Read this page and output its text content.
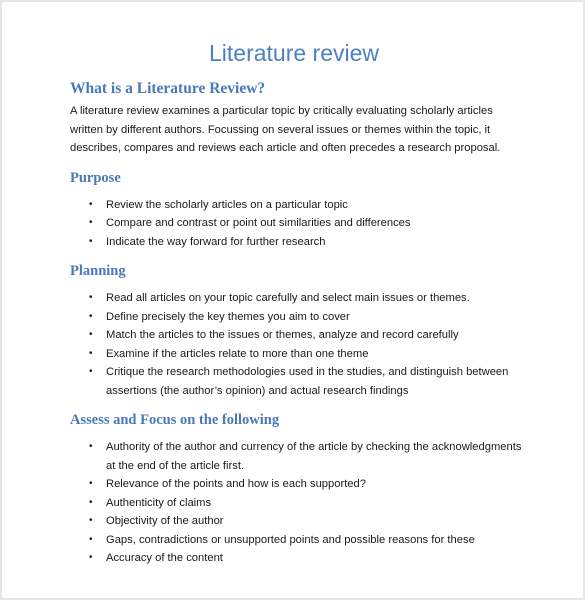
Literature review
What is a Literature Review?

A literature review examines a particular topic by critically evaluating scholarly articles
written by different authors. Focussing on several issues or themes within the topic, it
describes, compares and reviews each article and often precedes a research proposal.

Purpose
• Review the scholarly articles on a particular topic
• Compare and contrast or point out similarities and differences
• Indicate the way forward for further research
Planning
• Read all articles on your topic carefully and select main issues or themes.
• Define precisely the key themes you aim to cover
• Match the articles to the issues or themes, analyze and record carefully
• Examine if the articles relate to more than one theme
• Critique the research methodologies used in the studies, and distinguish between
assertions (the author’s opinion) and actual research findings
Assess and Focus on the following
• Authority of the author and currency of the article by checking the acknowledgments
at the end of the article first.
• Relevance of the points and how is each supported?
• Authenticity of claims
• Objectivity of the author
• Gaps, contradictions or unsupported points and possible reasons for these
• Accuracy of the content
